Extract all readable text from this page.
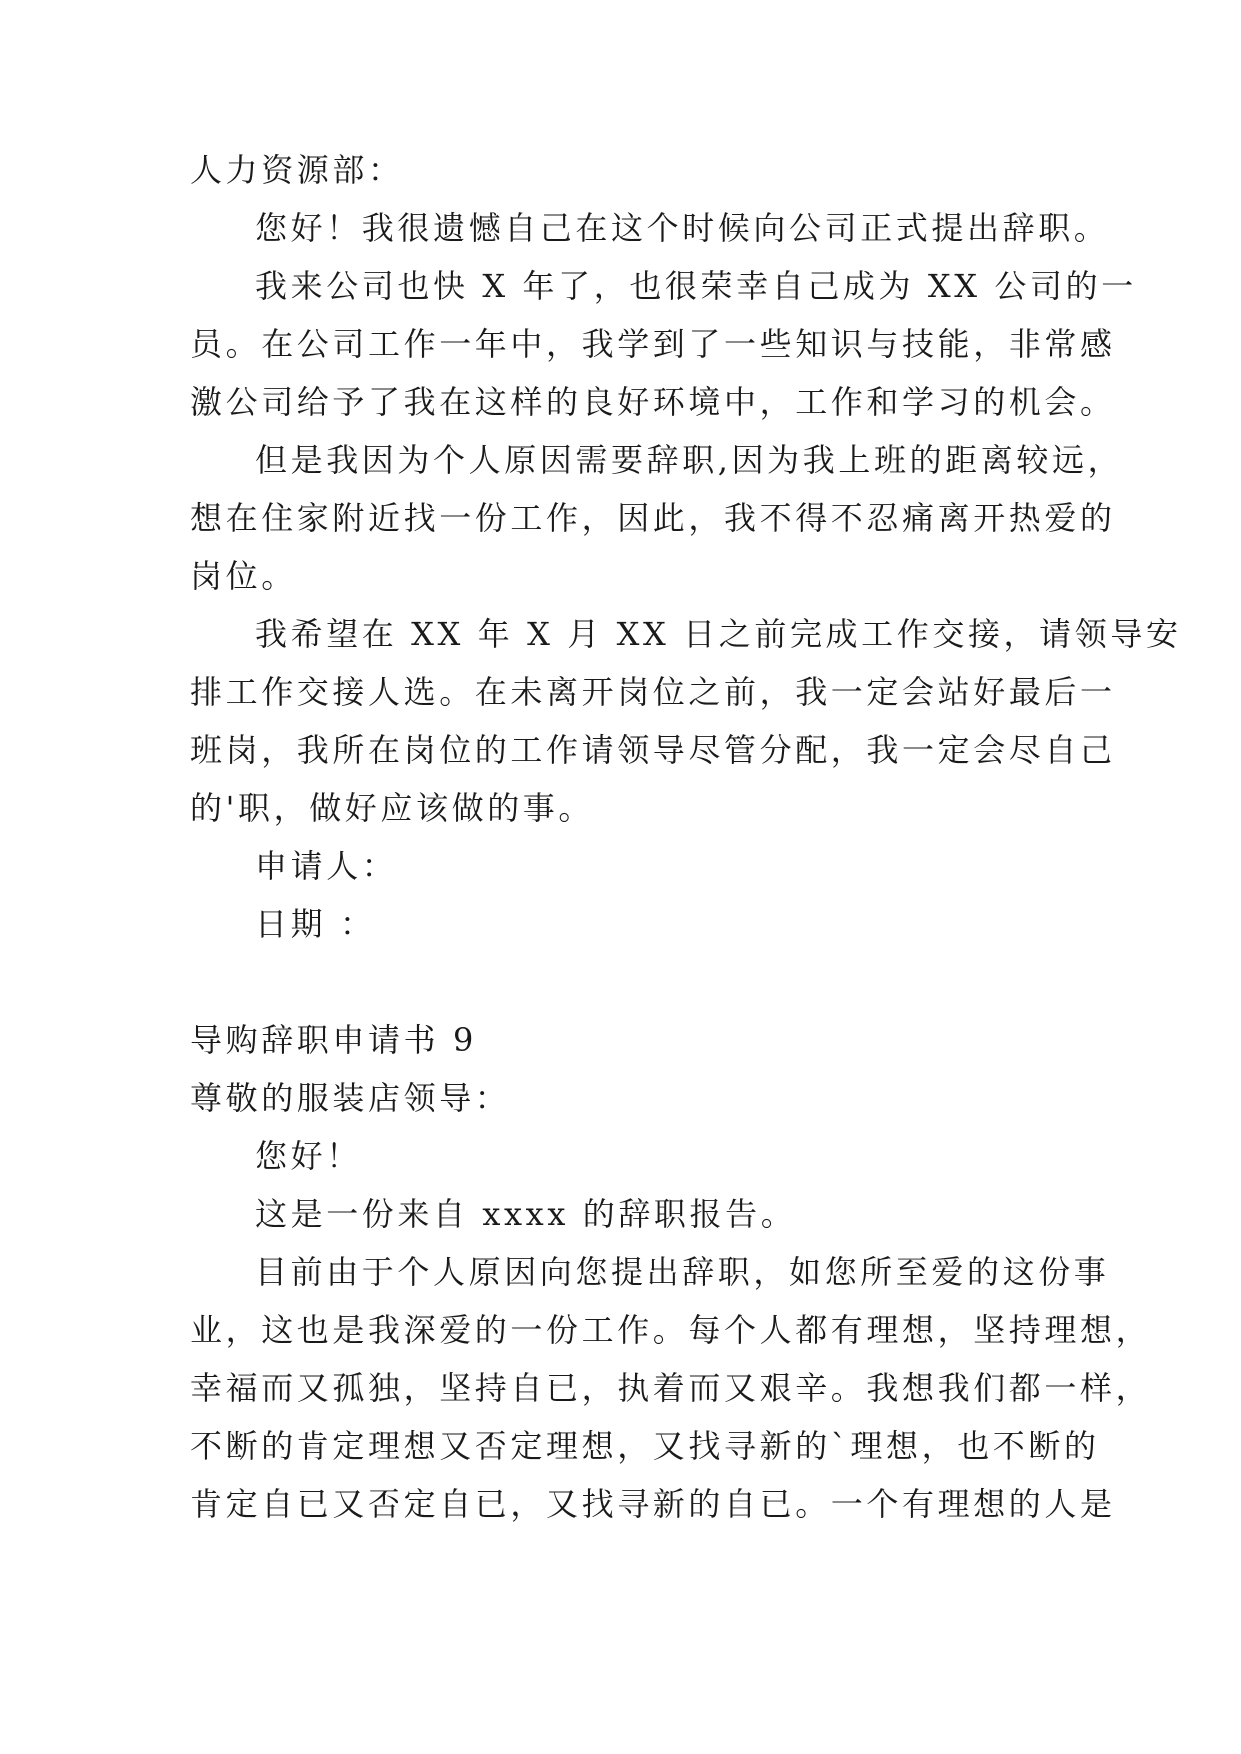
人力资源部：
您好！我很遗憾自己在这个时候向公司正式提出辞职。
我来公司也快 X 年了，也很荣幸自己成为 XX 公司的一
员。在公司工作一年中，我学到了一些知识与技能，非常感
激公司给予了我在这样的良好环境中，工作和学习的机会。
但是我因为个人原因需要辞职,因为我上班的距离较远，
想在住家附近找一份工作，因此，我不得不忍痛离开热爱的
岗位。
我希望在 XX 年 X 月 XX 日之前完成工作交接，请领导安
排工作交接人选。在未离开岗位之前，我一定会站好最后一
班岗，我所在岗位的工作请领导尽管分配，我一定会尽自己
的'职，做好应该做的事。
申请人：
日期 ：
导购辞职申请书 9
尊敬的服装店领导：
您好！
这是一份来自 xxxx 的辞职报告。
目前由于个人原因向您提出辞职，如您所至爱的这份事
业，这也是我深爱的一份工作。每个人都有理想，坚持理想，
幸福而又孤独，坚持自已，执着而又艰辛。我想我们都一样，
不断的肯定理想又否定理想，又找寻新的`理想，也不断的
肯定自已又否定自已，又找寻新的自已。一个有理想的人是
